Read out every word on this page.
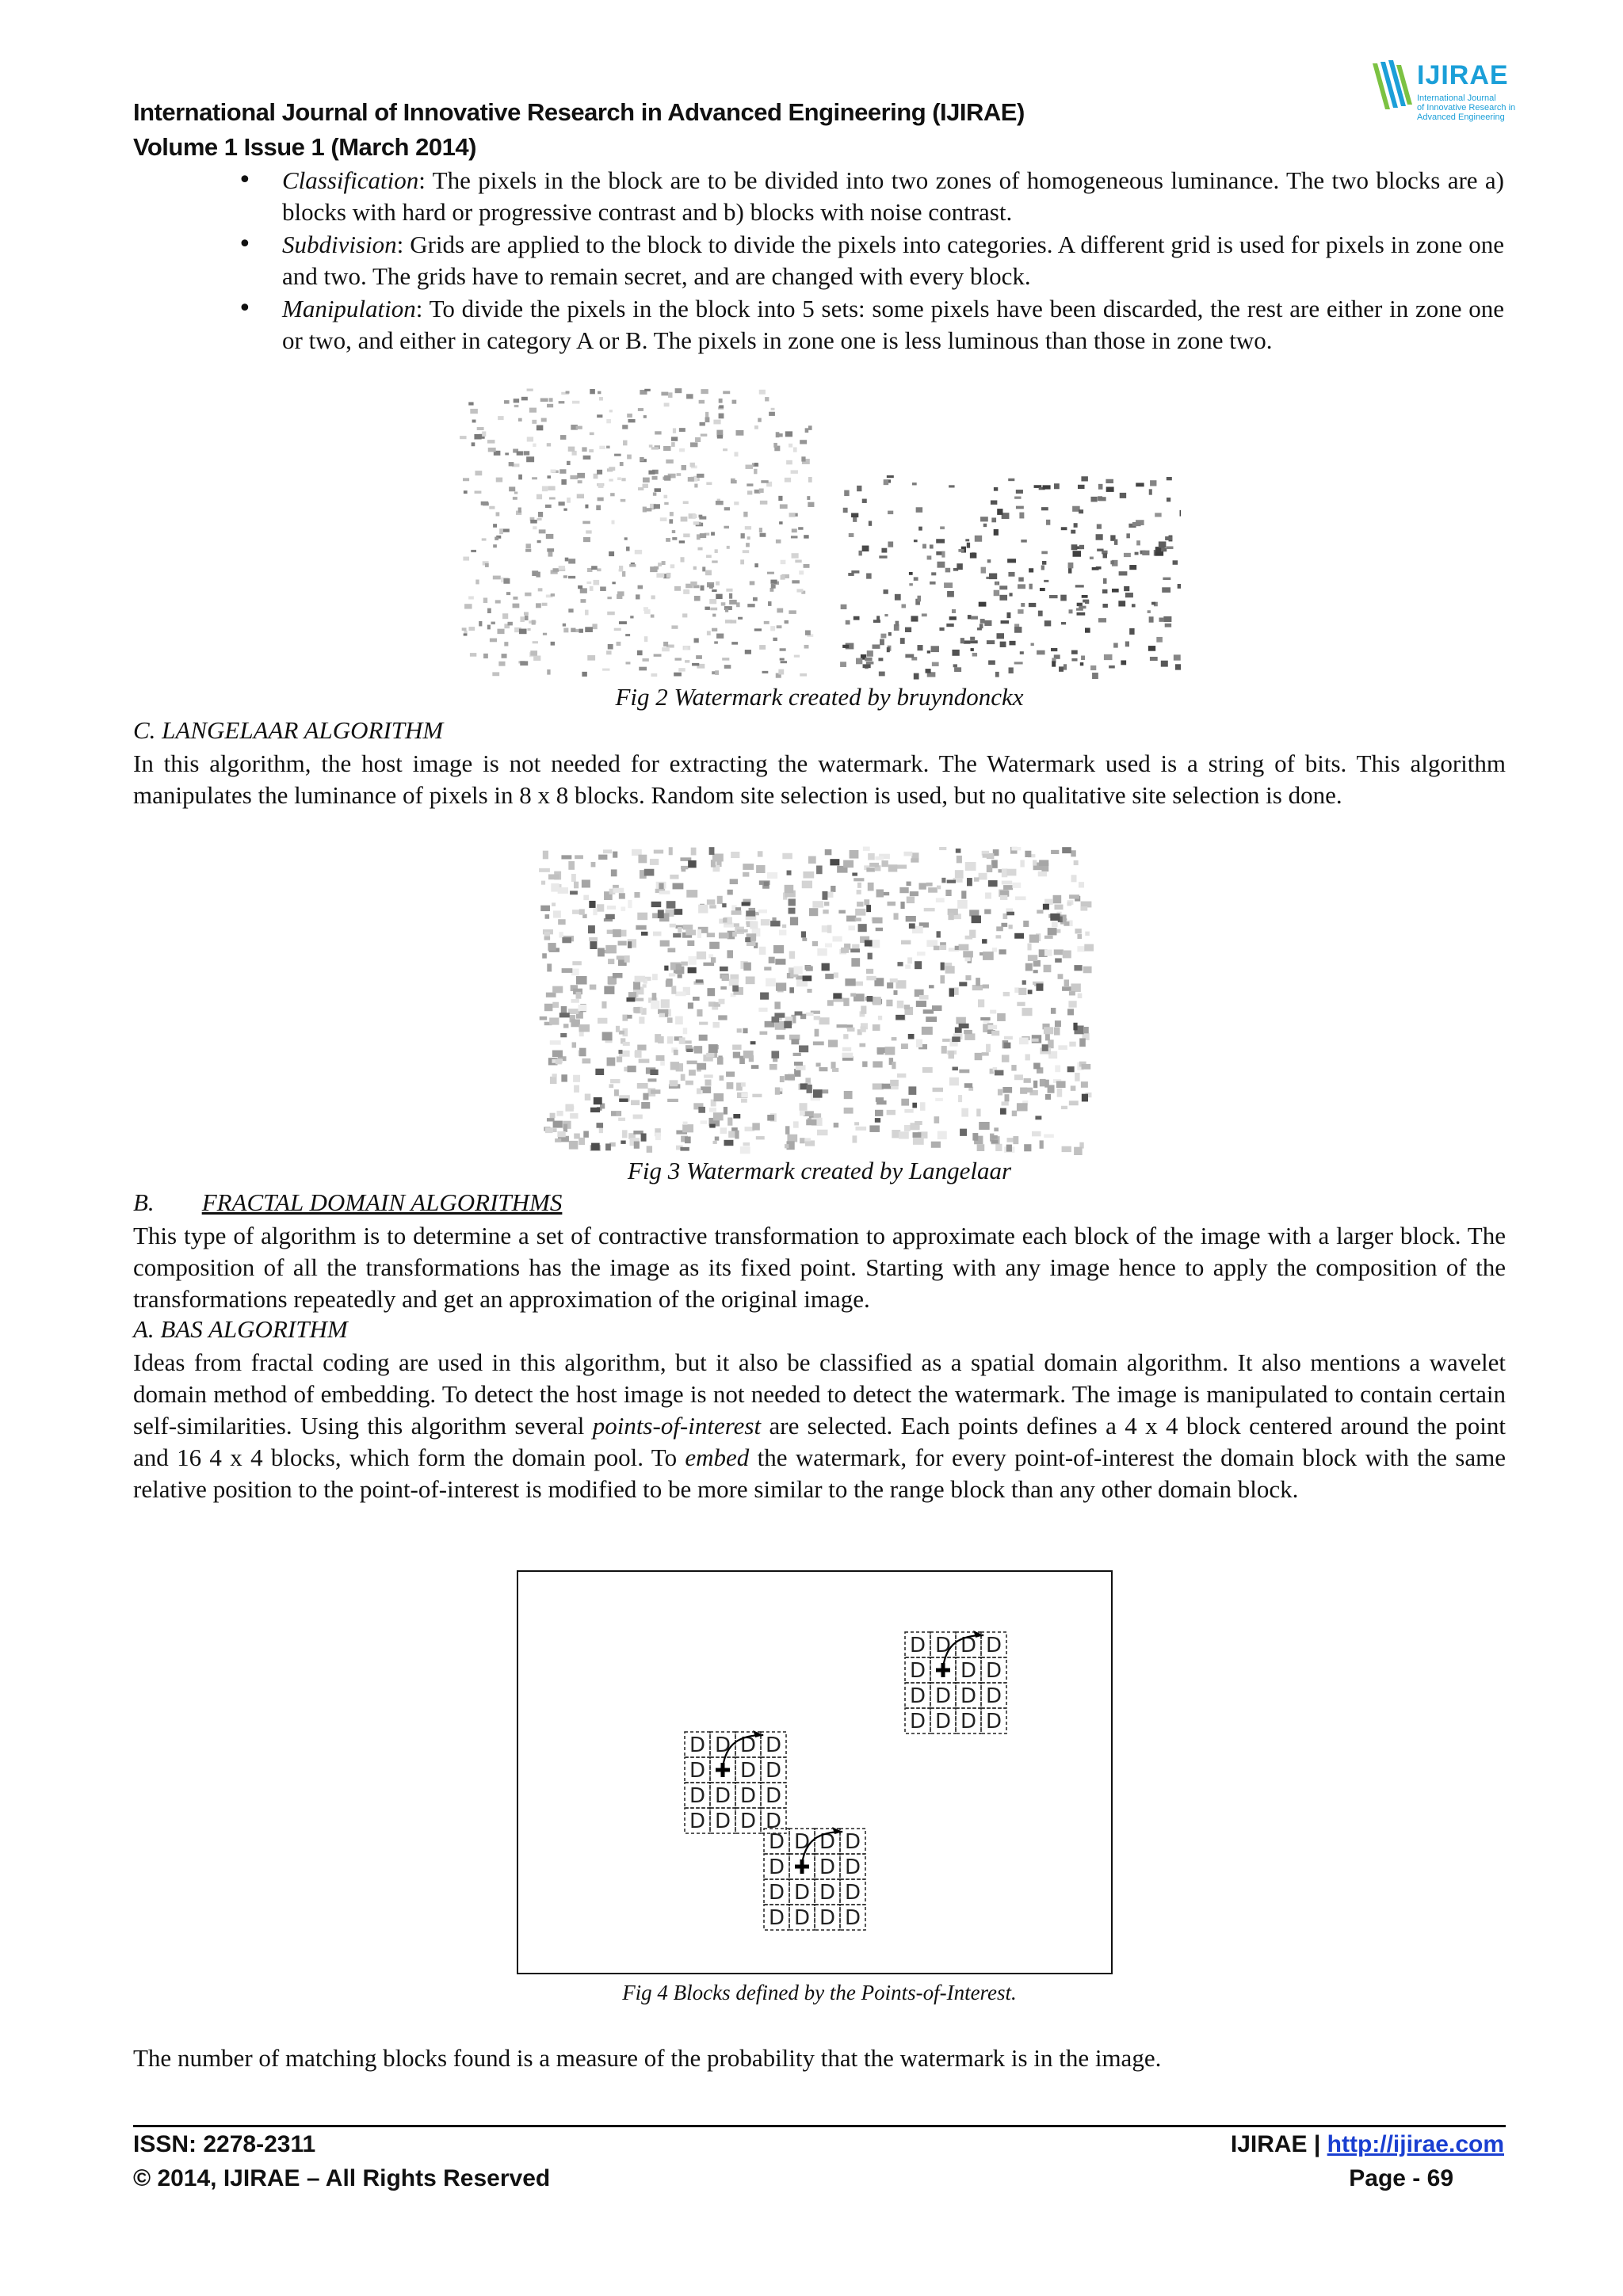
International Journal of Innovative Research in Advanced Engineering (IJIRAE)
Volume 1 Issue 1 (March 2014)
IJIRAE
International Journal
of Innovative Research in
Advanced Engineering
• Classification: The pixels in the block are to be divided into two zones of homogeneous luminance. The two blocks are a) blocks with hard or progressive contrast and b) blocks with noise contrast.
• Subdivision: Grids are applied to the block to divide the pixels into categories. A different grid is used for pixels in zone one and two. The grids have to remain secret, and are changed with every block.
• Manipulation: To divide the pixels in the block into 5 sets: some pixels have been discarded, the rest are either in zone one or two, and either in category A or B. The pixels in zone one is less luminous than those in zone two.
Fig 2 Watermark created by bruyndonckx
C. LANGELAAR ALGORITHM
In this algorithm, the host image is not needed for extracting the watermark. The Watermark used is a string of bits. This algorithm manipulates the luminance of pixels in 8 x 8 blocks. Random site selection is used, but no qualitative site selection is done.
Fig 3 Watermark created by Langelaar
B. FRACTAL DOMAIN ALGORITHMS
This type of algorithm is to determine a set of contractive transformation to approximate each block of the image with a larger block. The composition of all the transformations has the image as its fixed point. Starting with any image hence to apply the composition of the transformations repeatedly and get an approximation of the original image.
A. BAS ALGORITHM
Ideas from fractal coding are used in this algorithm, but it also be classified as a spatial domain algorithm. It also mentions a wavelet domain method of embedding. To detect the host image is not needed to detect the watermark. The image is manipulated to contain certain self-similarities. Using this algorithm several points-of-interest are selected. Each points defines a 4 x 4 block centered around the point and 16 4 x 4 blocks, which form the domain pool. To embed the watermark, for every point-of-interest the domain block with the same relative position to the point-of-interest is modified to be more similar to the range block than any other domain block.
D D D D
D D D
D D D D
D D D D
D D D D
D D D
D D D D
D D D D
D D D D
D D D
D D D D
D D D D
Fig 4 Blocks defined by the Points-of-Interest.
The number of matching blocks found is a measure of the probability that the watermark is in the image.
ISSN: 2278-2311
© 2014, IJIRAE – All Rights Reserved
IJIRAE | http://ijirae.com
Page - 69
